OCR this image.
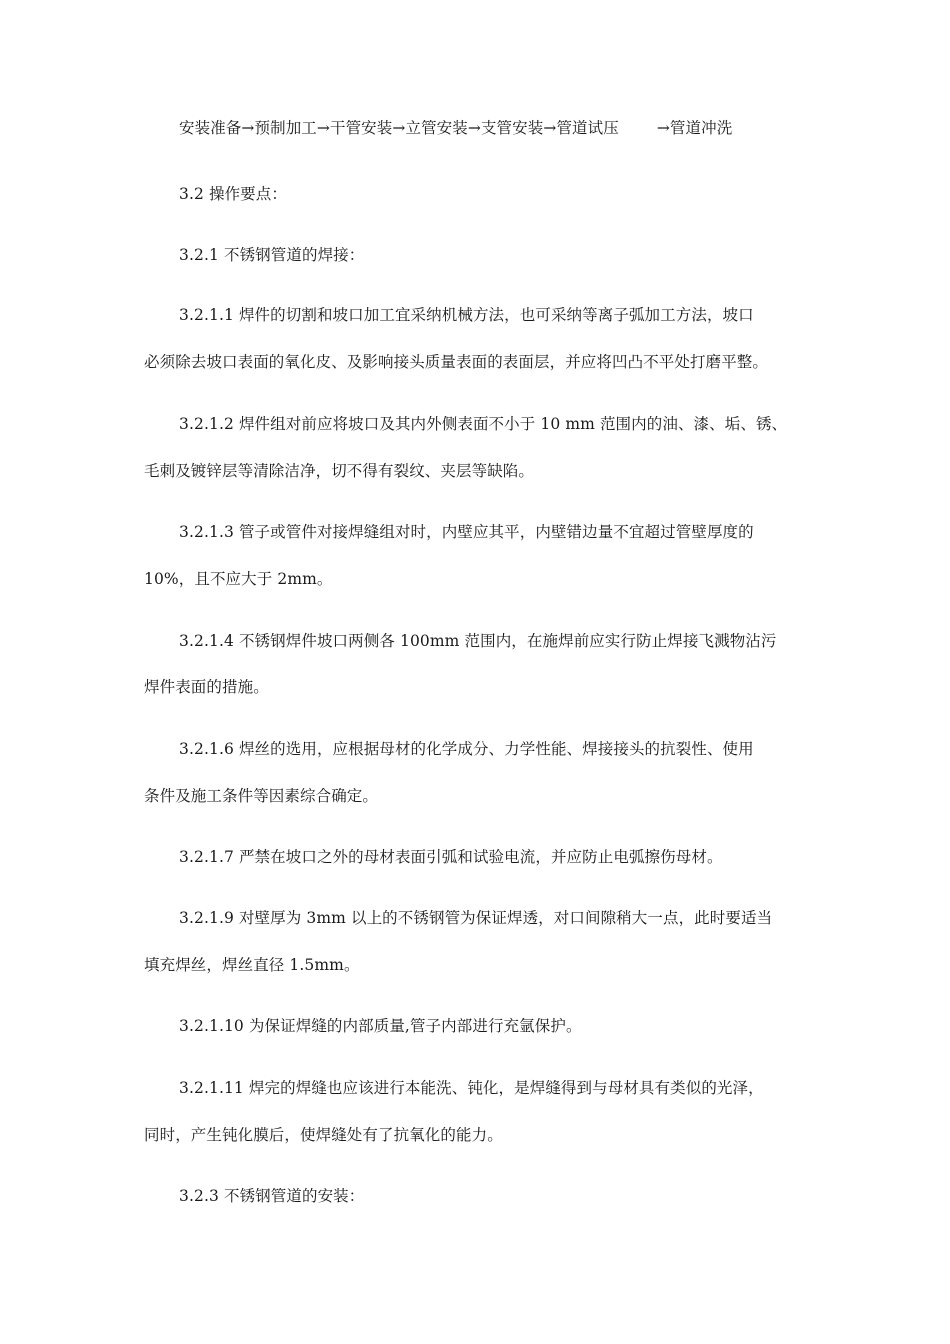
安装准备→预制加工→干管安装→立管安装→支管安装→管道试压 →管道冲洗
3.2 操作要点：
3.2.1 不锈钢管道的焊接：
3.2.1.1 焊件的切割和坡口加工宜采纳机械方法，也可采纳等离子弧加工方法，坡口
必须除去坡口表面的氧化皮、及影响接头质量表面的表面层，并应将凹凸不平处打磨平整。
3.2.1.2 焊件组对前应将坡口及其内外侧表面不小于 10 mm 范围内的油、漆、垢、锈、
毛刺及镀锌层等清除洁净，切不得有裂纹、夹层等缺陷。
3.2.1.3 管子或管件对接焊缝组对时，内壁应其平，内壁错边量不宜超过管壁厚度的
10%，且不应大于 2mm。
3.2.1.4 不锈钢焊件坡口两侧各 100mm 范围内，在施焊前应实行防止焊接飞溅物沾污
焊件表面的措施。
3.2.1.6 焊丝的选用，应根据母材的化学成分、力学性能、焊接接头的抗裂性、使用
条件及施工条件等因素综合确定。
3.2.1.7 严禁在坡口之外的母材表面引弧和试验电流，并应防止电弧擦伤母材。
3.2.1.9 对壁厚为 3mm 以上的不锈钢管为保证焊透，对口间隙稍大一点，此时要适当
填充焊丝，焊丝直径 1.5mm。
3.2.1.10 为保证焊缝的内部质量,管子内部进行充氩保护。
3.2.1.11 焊完的焊缝也应该进行本能洗、钝化，是焊缝得到与母材具有类似的光泽，
同时，产生钝化膜后，使焊缝处有了抗氧化的能力。
3.2.3 不锈钢管道的安装：
